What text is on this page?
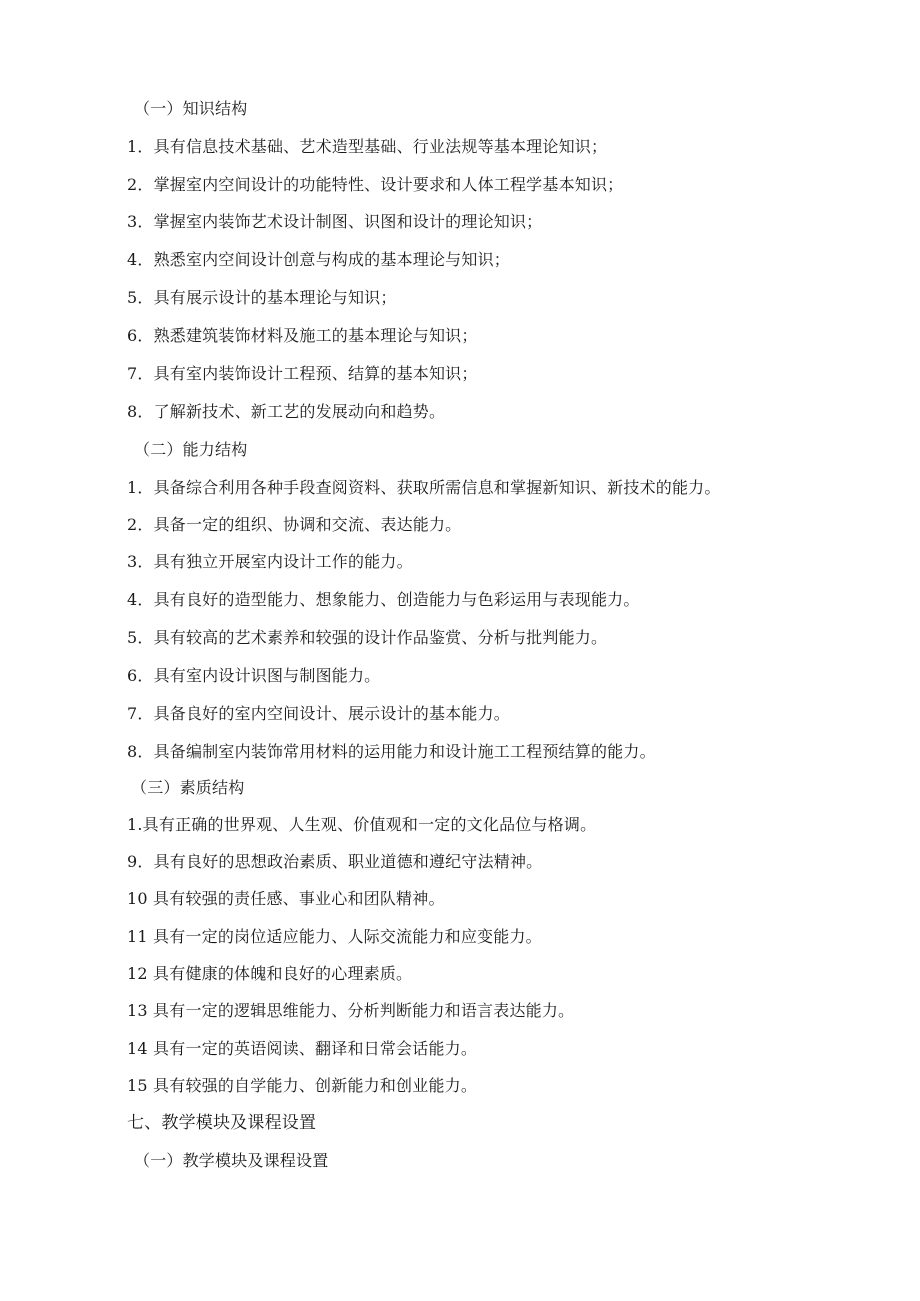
（一）知识结构
1．具有信息技术基础、艺术造型基础、行业法规等基本理论知识；
2．掌握室内空间设计的功能特性、设计要求和人体工程学基本知识；
3．掌握室内装饰艺术设计制图、识图和设计的理论知识；
4．熟悉室内空间设计创意与构成的基本理论与知识；
5．具有展示设计的基本理论与知识；
6．熟悉建筑装饰材料及施工的基本理论与知识；
7．具有室内装饰设计工程预、结算的基本知识；
8．了解新技术、新工艺的发展动向和趋势。
（二）能力结构
1．具备综合利用各种手段查阅资料、获取所需信息和掌握新知识、新技术的能力。
2．具备一定的组织、协调和交流、表达能力。
3．具有独立开展室内设计工作的能力。
4．具有良好的造型能力、想象能力、创造能力与色彩运用与表现能力。
5．具有较高的艺术素养和较强的设计作品鉴赏、分析与批判能力。
6．具有室内设计识图与制图能力。
7．具备良好的室内空间设计、展示设计的基本能力。
8．具备编制室内装饰常用材料的运用能力和设计施工工程预结算的能力。
（三）素质结构
1.具有正确的世界观、人生观、价值观和一定的文化品位与格调。
9．具有良好的思想政治素质、职业道德和遵纪守法精神。
10 具有较强的责任感、事业心和团队精神。
11 具有一定的岗位适应能力、人际交流能力和应变能力。
12 具有健康的体魄和良好的心理素质。
13 具有一定的逻辑思维能力、分析判断能力和语言表达能力。
14 具有一定的英语阅读、翻译和日常会话能力。
15 具有较强的自学能力、创新能力和创业能力。
七、教学模块及课程设置
（一）教学模块及课程设置
